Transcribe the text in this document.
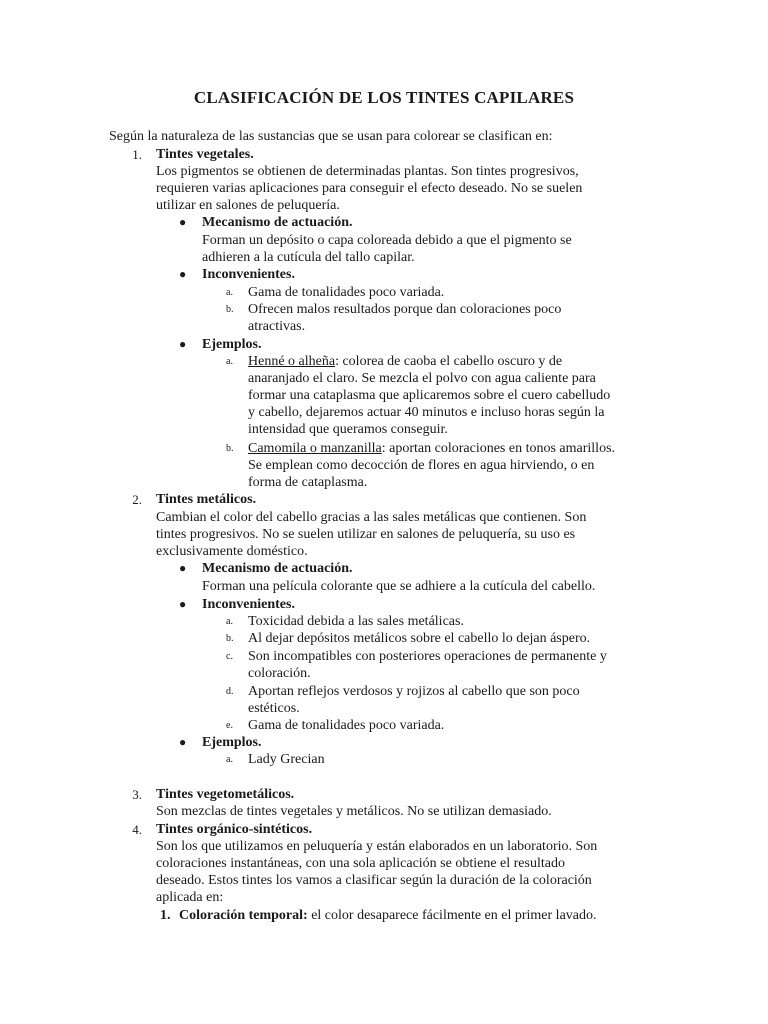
CLASIFICACIÓN DE LOS TINTES CAPILARES
Según la naturaleza de las sustancias que se usan para colorear se clasifican en:
1. Tintes vegetales.
Los pigmentos se obtienen de determinadas plantas. Son tintes progresivos,
requieren varias aplicaciones para conseguir el efecto deseado. No se suelen
utilizar en salones de peluquería.
● Mecanismo de actuación.
Forman un depósito o capa coloreada debido a que el pigmento se
adhieren a la cutícula del tallo capilar.
● Inconvenientes.
a. Gama de tonalidades poco variada.
b. Ofrecen malos resultados porque dan coloraciones poco
atractivas.
● Ejemplos.
a. Henné o alheña: colorea de caoba el cabello oscuro y de
anaranjado el claro. Se mezcla el polvo con agua caliente para
formar una cataplasma que aplicaremos sobre el cuero cabelludo
y cabello, dejaremos actuar 40 minutos e incluso horas según la
intensidad que queramos conseguir.
b. Camomila o manzanilla: aportan coloraciones en tonos amarillos.
Se emplean como decocción de flores en agua hirviendo, o en
forma de cataplasma.
2. Tintes metálicos.
Cambian el color del cabello gracias a las sales metálicas que contienen. Son
tintes progresivos. No se suelen utilizar en salones de peluquería, su uso es
exclusivamente doméstico.
● Mecanismo de actuación.
Forman una película colorante que se adhiere a la cutícula del cabello.
● Inconvenientes.
a. Toxicidad debida a las sales metálicas.
b. Al dejar depósitos metálicos sobre el cabello lo dejan áspero.
c. Son incompatibles con posteriores operaciones de permanente y
coloración.
d. Aportan reflejos verdosos y rojizos al cabello que son poco
estéticos.
e. Gama de tonalidades poco variada.
● Ejemplos.
a. Lady Grecian
3. Tintes vegetometálicos.
Son mezclas de tintes vegetales y metálicos. No se utilizan demasiado.
4. Tintes orgánico-sintéticos.
Son los que utilizamos en peluquería y están elaborados en un laboratorio. Son
coloraciones instantáneas, con una sola aplicación se obtiene el resultado
deseado. Estos tintes los vamos a clasificar según la duración de la coloración
aplicada en:
1. Coloración temporal: el color desaparece fácilmente en el primer lavado.
